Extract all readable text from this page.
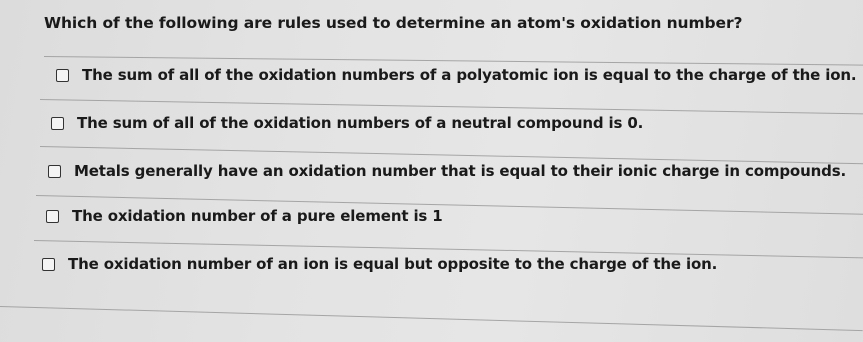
Which of the following are rules used to determine an atom's oxidation number?
The sum of all of the oxidation numbers of a polyatomic ion is equal to the charge of the ion.
The sum of all of the oxidation numbers of a neutral compound is 0.
Metals generally have an oxidation number that is equal to their ionic charge in compounds.
The oxidation number of a pure element is 1
The oxidation number of an ion is equal but opposite to the charge of the ion.
